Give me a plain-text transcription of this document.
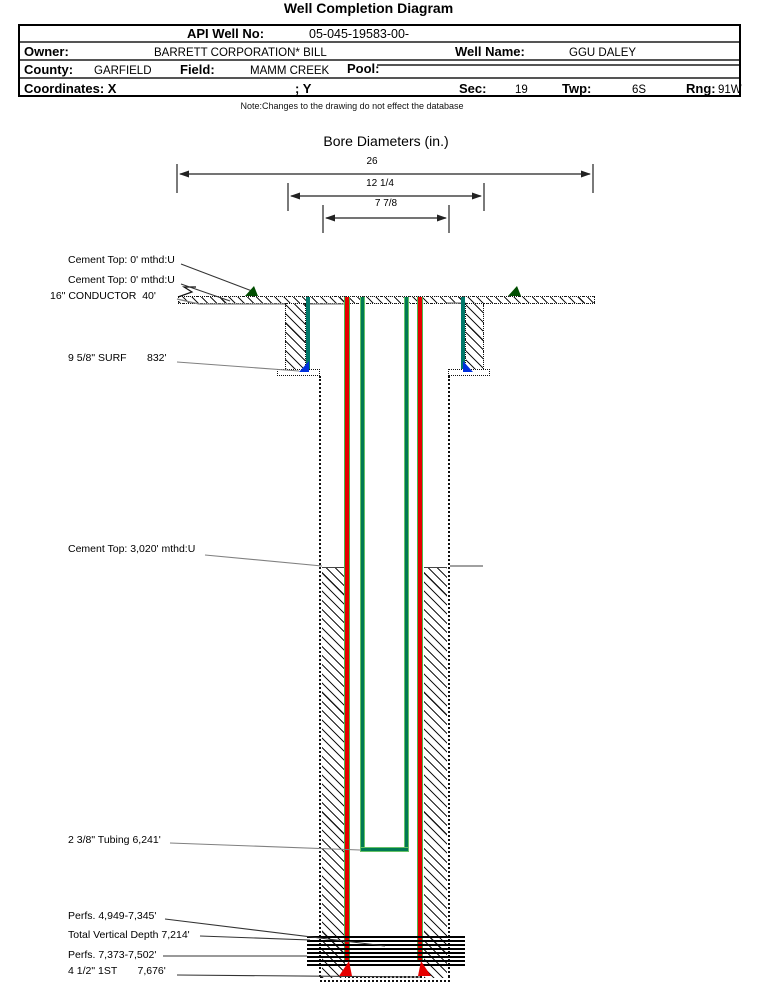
Well Completion Diagram
API Well No:	05-045-19583-00-
Owner:	BARRETT CORPORATION* BILL	Well Name:	GGU DALEY
County: GARFIELD Field:	MAMM CREEK Pool:
Coordinates: X	; Y	Sec: 19	Twp:	6S	Rng: 91W
Note:Changes to the drawing do not effect the database
Bore Diameters (in.)
26
12 1/4
7 7/8
Cement Top: 0' mthd:U
Cement Top: 0' mthd:U
16" CONDUCTOR  40'
9 5/8" SURF       832'
Cement Top: 3,020' mthd:U
2 3/8" Tubing 6,241'
Perfs. 4,949-7,345'
Total Vertical Depth 7,214'
Perfs. 7,373-7,502'
4 1/2" 1ST       7,676'
